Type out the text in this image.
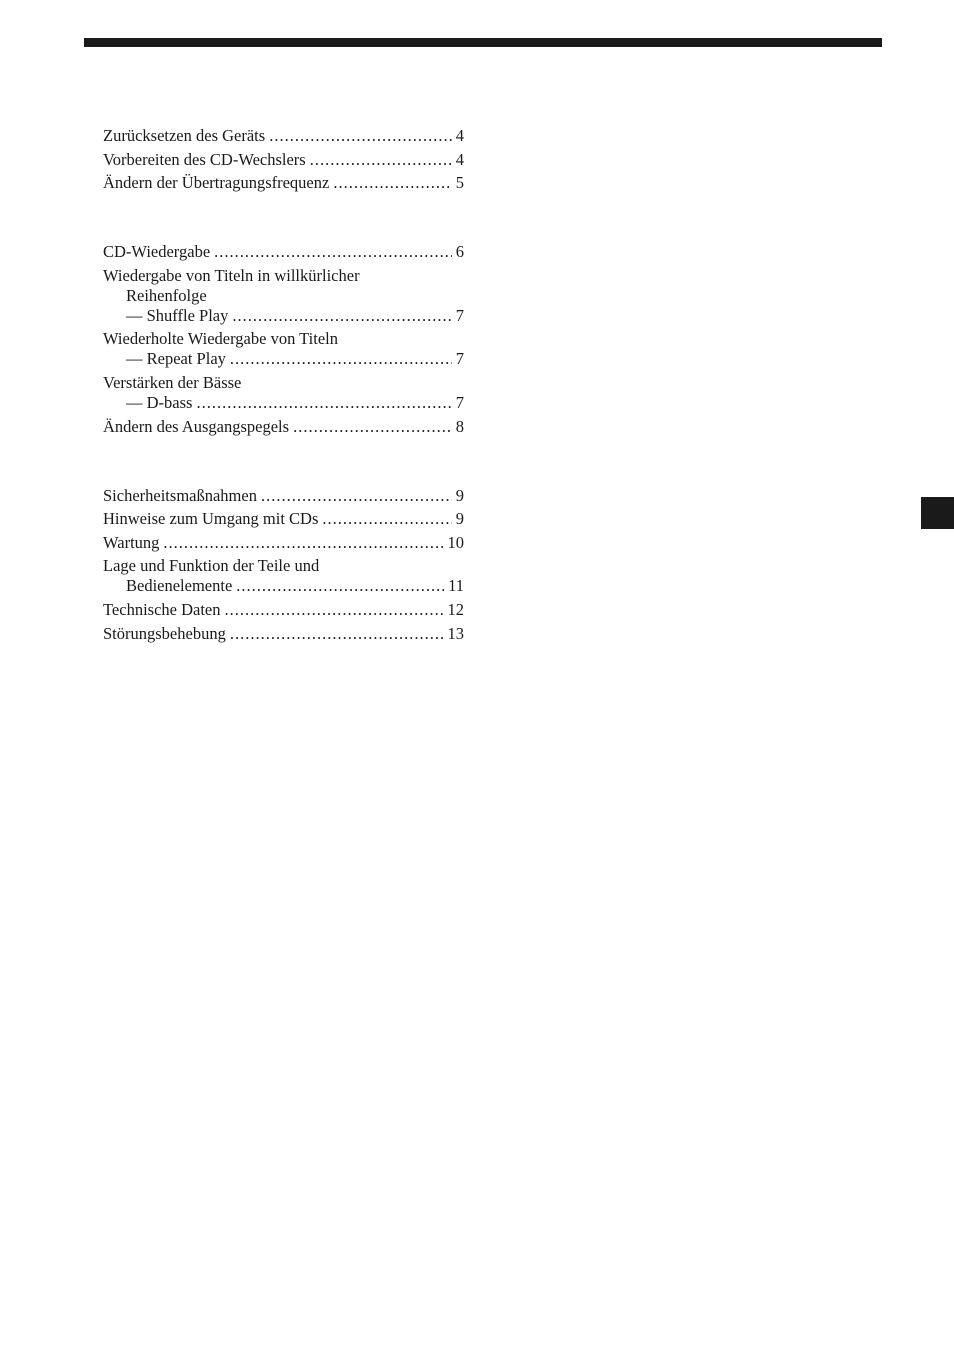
Zurücksetzen des Geräts .....	4
Vorbereiten des CD-Wechslers .....	4
Ändern der Übertragungsfrequenz .....	5
CD-Wiedergabe .....	6
Wiedergabe von Titeln in willkürlicher
Reihenfolge
— Shuffle Play .....	7
Wiederholte Wiedergabe von Titeln
— Repeat Play .....	7
Verstärken der Bässe
— D-bass .....	7
Ändern des Ausgangspegels .....	8
Sicherheitsmaßnahmen .....	9
Hinweise zum Umgang mit CDs .....	9
Wartung .....	10
Lage und Funktion der Teile und
Bedienelemente .....	11
Technische Daten .....	12
Störungsbehebung .....	13
